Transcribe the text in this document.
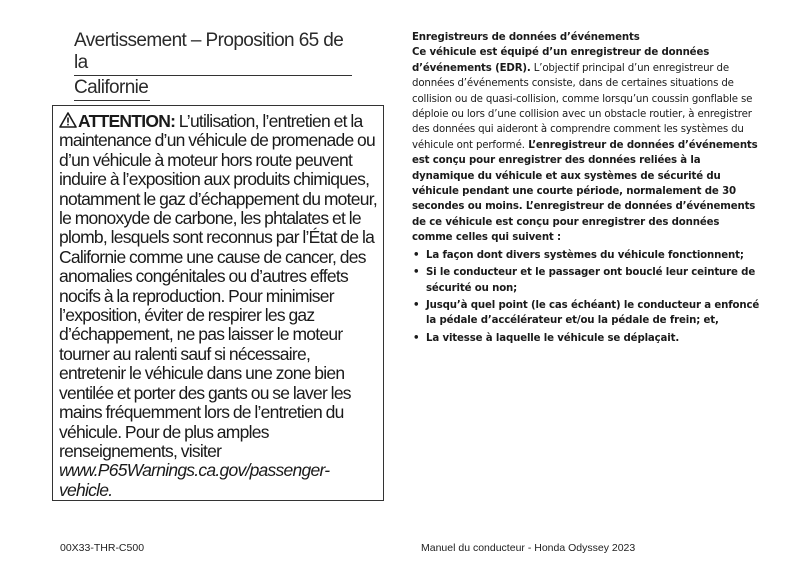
Avertissement – Proposition 65 de la
Californie
ATTENTION: L’utilisation, l’entretien et la maintenance d’un véhicule de promenade ou d’un véhicule à moteur hors route peuvent induire à l’exposition aux produits chimiques, notamment le gaz d’échappement du moteur, le monoxyde de carbone, les phtalates et le plomb, lesquels sont reconnus par l’État de la Californie comme une cause de cancer, des anomalies congénitales ou d’autres effets nocifs à la reproduction. Pour minimiser l’exposition, éviter de respirer les gaz d’échappement, ne pas laisser le moteur tourner au ralenti sauf si nécessaire, entretenir le véhicule dans une zone bien ventilée et porter des gants ou se laver les mains fréquemment lors de l’entretien du véhicule. Pour de plus amples renseignements, visiter www.P65Warnings.ca.gov/passenger-vehicle.
Enregistreurs de données d’événements

Ce véhicule est équipé d’un enregistreur de données d’événements (EDR). L’objectif principal d’un enregistreur de données d’événements consiste, dans de certaines situations de collision ou de quasi-collision, comme lorsqu’un coussin gonflable se déploie ou lors d’une collision avec un obstacle routier, à enregistrer des données qui aideront à comprendre comment les systèmes du véhicule ont performé. L’enregistreur de données d’événements est conçu pour enregistrer des données reliées à la dynamique du véhicule et aux systèmes de sécurité du véhicule pendant une courte période, normalement de 30 secondes ou moins. L’enregistreur de données d’événements de ce véhicule est conçu pour enregistrer des données comme celles qui suivent :

• La façon dont divers systèmes du véhicule fonctionnent;
• Si le conducteur et le passager ont bouclé leur ceinture de sécurité ou non;
• Jusqu’à quel point (le cas échéant) le conducteur a enfoncé la pédale d’accélérateur et/ou la pédale de frein; et,
• La vitesse à laquelle le véhicule se déplaçait.
00X33-THR-C500	Manuel du conducteur - Honda Odyssey 2023
